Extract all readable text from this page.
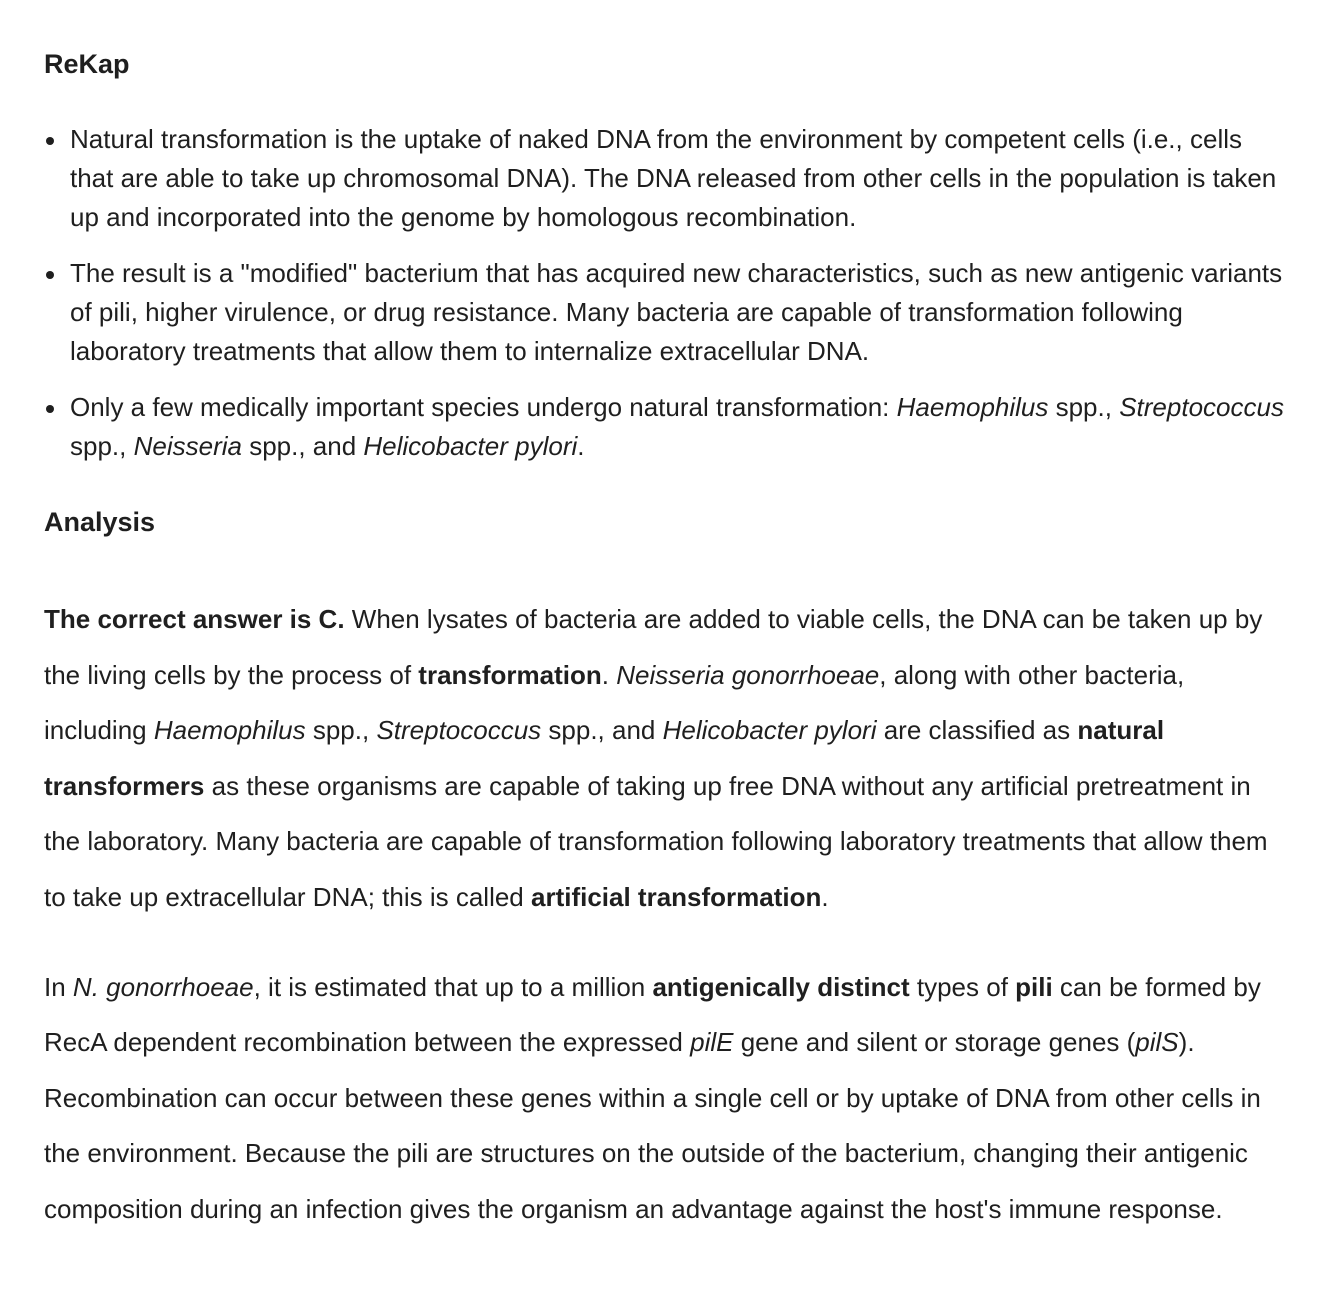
ReKap
Natural transformation is the uptake of naked DNA from the environment by competent cells (i.e., cells that are able to take up chromosomal DNA). The DNA released from other cells in the population is taken up and incorporated into the genome by homologous recombination.
The result is a "modified" bacterium that has acquired new characteristics, such as new antigenic variants of pili, higher virulence, or drug resistance. Many bacteria are capable of transformation following laboratory treatments that allow them to internalize extracellular DNA.
Only a few medically important species undergo natural transformation: Haemophilus spp., Streptococcus spp., Neisseria spp., and Helicobacter pylori.
Analysis

The correct answer is C. When lysates of bacteria are added to viable cells, the DNA can be taken up by the living cells by the process of transformation. Neisseria gonorrhoeae, along with other bacteria, including Haemophilus spp., Streptococcus spp., and Helicobacter pylori are classified as natural transformers as these organisms are capable of taking up free DNA without any artificial pretreatment in the laboratory. Many bacteria are capable of transformation following laboratory treatments that allow them to take up extracellular DNA; this is called artificial transformation.

In N. gonorrhoeae, it is estimated that up to a million antigenically distinct types of pili can be formed by RecA dependent recombination between the expressed pilE gene and silent or storage genes (pilS). Recombination can occur between these genes within a single cell or by uptake of DNA from other cells in the environment. Because the pili are structures on the outside of the bacterium, changing their antigenic composition during an infection gives the organism an advantage against the host's immune response.
